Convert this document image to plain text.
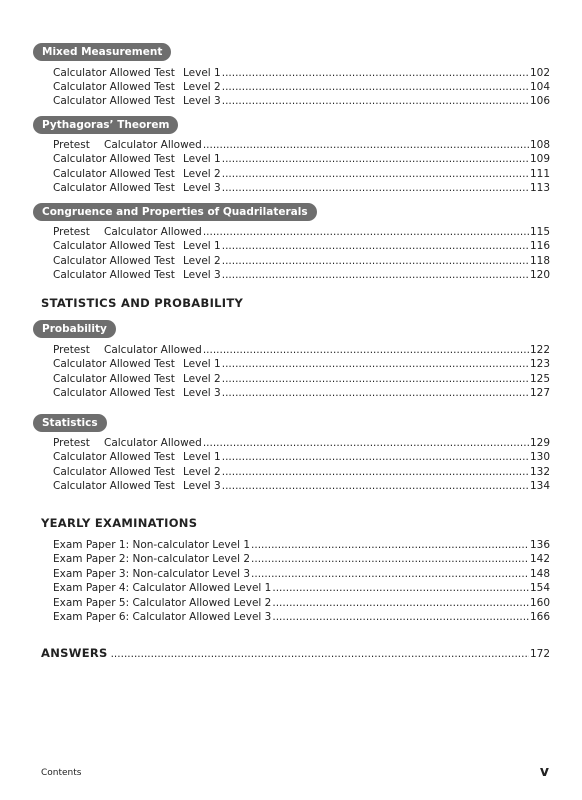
Mixed Measurement
Calculator Allowed Test Level 1 .....	102
Calculator Allowed Test Level 2 .....	104
Calculator Allowed Test Level 3 .....	106
Pythagoras’ Theorem
Pretest	Calculator Allowed .....	108
Calculator Allowed Test Level 1 .....	109
Calculator Allowed Test Level 2 .....	111
Calculator Allowed Test Level 3 .....	113
Congruence and Properties of Quadrilaterals
Pretest	Calculator Allowed .....	115
Calculator Allowed Test Level 1 .....	116
Calculator Allowed Test Level 2 .....	118
Calculator Allowed Test Level 3 .....	120
STATISTICS AND PROBABILITY
Probability
Pretest	Calculator Allowed .....	122
Calculator Allowed Test Level 1 .....	123
Calculator Allowed Test Level 2 .....	125
Calculator Allowed Test Level 3 .....	127
Statistics
Pretest	Calculator Allowed .....	129
Calculator Allowed Test Level 1 .....	130
Calculator Allowed Test Level 2 .....	132
Calculator Allowed Test Level 3 .....	134
YEARLY EXAMINATIONS
Exam Paper 1: Non-calculator Level 1 .....	136
Exam Paper 2: Non-calculator Level 2 .....	142
Exam Paper 3: Non-calculator Level 3 .....	148
Exam Paper 4: Calculator Allowed Level 1 .....	154
Exam Paper 5: Calculator Allowed Level 2 .....	160
Exam Paper 6: Calculator Allowed Level 3 .....	166
ANSWERS .....	172
Contents	v
